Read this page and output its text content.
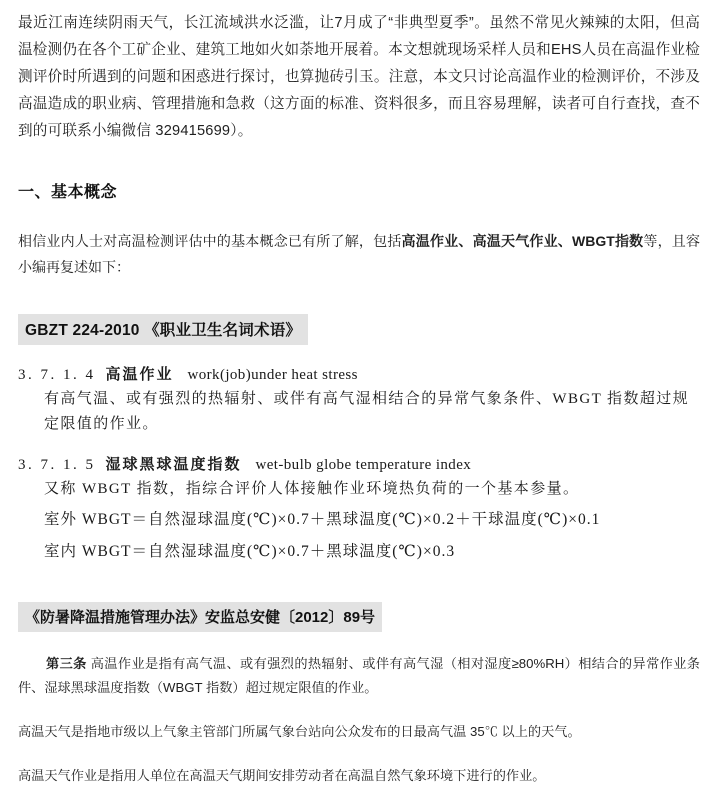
最近江南连续阴雨天气，长江流域洪水泛滥，让7月成了“非典型夏季”。虽然不常见火辣辣的太阳，但高温检测仍在各个工矿企业、建筑工地如火如荼地开展着。本文想就现场采样人员和EHS人员在高温作业检测评价时所遇到的问题和困惑进行探讨，也算抛砖引玉。注意，本文只讨论高温作业的检测评价，不涉及高温造成的职业病、管理措施和急救（这方面的标准、资料很多，而且容易理解，读者可自行查找，查不到的可联系小编微信 329415699）。

一、基本概念

相信业内人士对高温检测评估中的基本概念已有所了解，包括高温作业、高温天气作业、WBGT指数等，且容小编再复述如下：

GBZT 224-2010 《职业卫生名词术语》
3. 7. 1. 4 高温作业 work(job)under heat stress
有高气温、或有强烈的热辐射、或伴有高气湿相结合的异常气象条件、WBGT 指数超过规定限值的作业。
3. 7. 1. 5 湿球黑球温度指数 wet-bulb globe temperature index
又称 WBGT 指数，指综合评价人体接触作业环境热负荷的一个基本参量。
室外 WBGT＝自然湿球温度(℃)×0.7＋黑球温度(℃)×0.2＋干球温度(℃)×0.1
室内 WBGT＝自然湿球温度(℃)×0.7＋黑球温度(℃)×0.3
《防暑降温措施管理办法》安监总安健〔2012〕89号

第三条 高温作业是指有高气温、或有强烈的热辐射、或伴有高气湿（相对湿度≥80%RH）相结合的异常作业条件、湿球黑球温度指数（WBGT 指数）超过规定限值的作业。

高温天气是指地市级以上气象主管部门所属气象台站向公众发布的日最高气温 35℃ 以上的天气。

高温天气作业是指用人单位在高温天气期间安排劳动者在高温自然气象环境下进行的作业。
